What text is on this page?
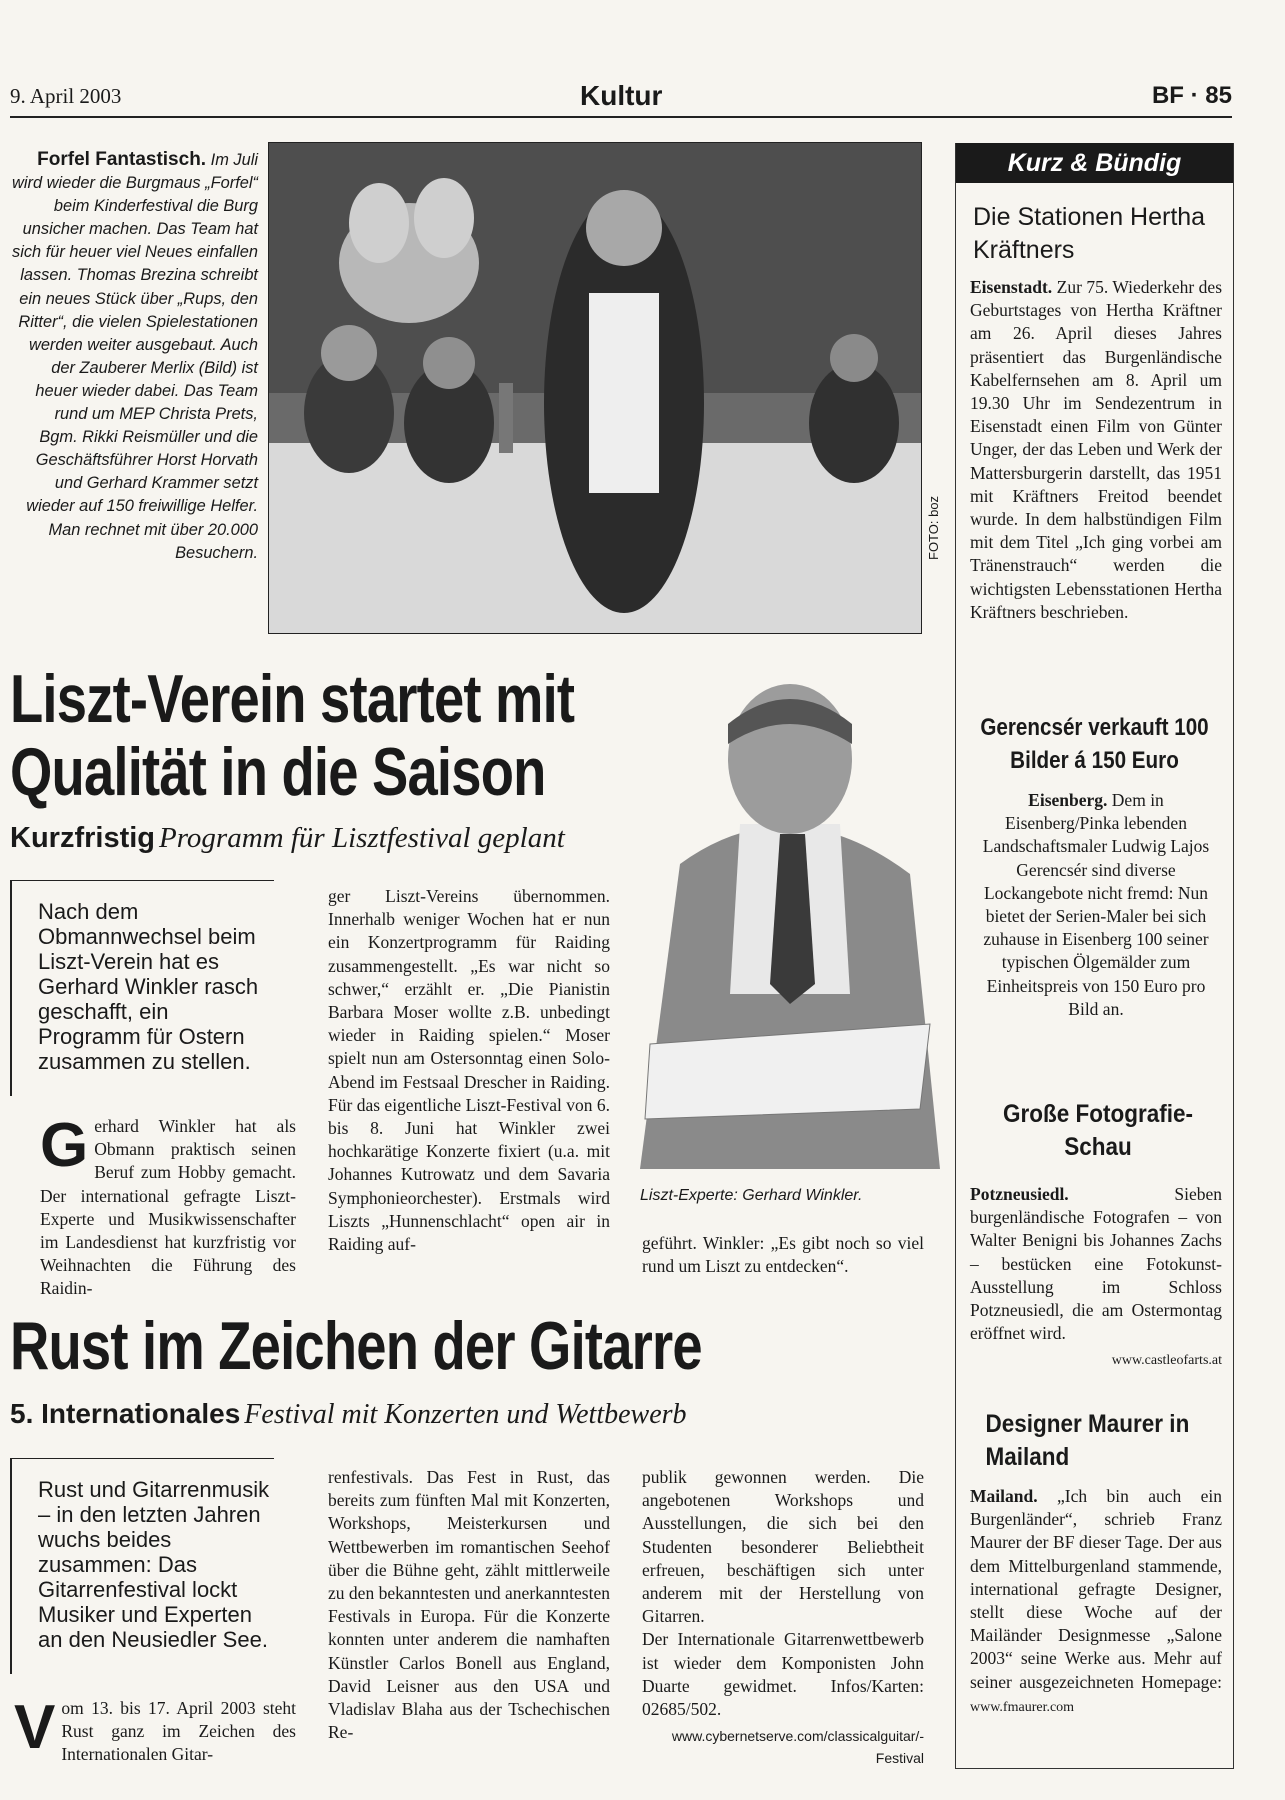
9. April 2003	Kultur	BF · 85
Forfel Fantastisch. Im Juli wird wieder die Burgmaus „Forfel“ beim Kinderfestival die Burg unsicher machen. Das Team hat sich für heuer viel Neues einfallen lassen. Thomas Brezina schreibt ein neues Stück über „Rups, den Ritter“, die vielen Spielestationen werden weiter ausgebaut. Auch der Zauberer Merlix (Bild) ist heuer wieder dabei. Das Team rund um MEP Christa Prets, Bgm. Rikki Reismüller und die Geschäftsführer Horst Horvath und Gerhard Krammer setzt wieder auf 150 freiwillige Helfer. Man rechnet mit über 20.000 Besuchern.	FOTO: boz
Liszt-Verein startet mit
Qualität in die Saison
Kurzfristig Programm für Lisztfestival geplant
Nach dem Obmannwechsel beim Liszt-Verein hat es Gerhard Winkler rasch geschafft, ein Programm für Ostern zusammen zu stellen.
G erhard Winkler hat als Obmann praktisch seinen Beruf zum Hobby gemacht. Der international gefragte Liszt-Experte und Musikwissenschafter im Landesdienst hat kurzfristig vor Weihnachten die Führung des Raidin-
ger Liszt-Vereins übernommen. Innerhalb weniger Wochen hat er nun ein Konzertprogramm für Raiding zusammengestellt. „Es war nicht so schwer,“ erzählt er. „Die Pianistin Barbara Moser wollte z.B. unbedingt wieder in Raiding spielen.“ Moser spielt nun am Ostersonntag einen Solo-Abend im Festsaal Drescher in Raiding. Für das eigentliche Liszt-Festival von 6. bis 8. Juni hat Winkler zwei hochkarätige Konzerte fixiert (u.a. mit Johannes Kutrowatz und dem Savaria Symphonieorchester). Erstmals wird Liszts „Hunnenschlacht“ open air in Raiding auf-	geführt. Winkler: „Es gibt noch so viel rund um Liszt zu entdecken“.
Liszt-Experte: Gerhard Winkler.
Rust im Zeichen der Gitarre
5. Internationales Festival mit Konzerten und Wettbewerb
Rust und Gitarrenmusik – in den letzten Jahren wuchs beides zusammen: Das Gitarrenfestival lockt Musiker und Experten an den Neusiedler See.
V om 13. bis 17. April 2003 steht Rust ganz im Zeichen des Internationalen Gitar-
renfestivals. Das Fest in Rust, das bereits zum fünften Mal mit Konzerten, Workshops, Meisterkursen und Wettbewerben im romantischen Seehof über die Bühne geht, zählt mittlerweile zu den bekanntesten und anerkanntesten Festivals in Europa. Für die Konzerte konnten unter anderem die namhaften Künstler Carlos Bonell aus England, David Leisner aus den USA und Vladislav Blaha aus der Tschechischen Re-

publik gewonnen werden. Die angebotenen Workshops und Ausstellungen, die sich bei den Studenten besonderer Beliebtheit erfreuen, beschäftigen sich unter anderem mit der Herstellung von Gitarren.

Der Internationale Gitarrenwettbewerb ist wieder dem Komponisten John Duarte gewidmet. Infos/Karten: 02685/502.

www.cybernetserve.com/classicalguitar/-
Festival
Kurz & Bündig
Die Stationen Hertha Kräftners
Eisenstadt. Zur 75. Wiederkehr des Geburtstages von Hertha Kräftner am 26. April dieses Jahres präsentiert das Burgenländische Kabelfernsehen am 8. April um 19.30 Uhr im Sendezentrum in Eisenstadt einen Film von Günter Unger, der das Leben und Werk der Mattersburgerin darstellt, das 1951 mit Kräftners Freitod beendet wurde. In dem halbstündigen Film mit dem Titel „Ich ging vorbei am Tränenstrauch“ werden die wichtigsten Lebensstationen Hertha Kräftners beschrieben.
Gerencsér verkauft 100 Bilder á 150 Euro
Eisenberg. Dem in Eisenberg/Pinka lebenden Landschaftsmaler Ludwig Lajos Gerencsér sind diverse Lockangebote nicht fremd: Nun bietet der Serien-Maler bei sich zuhause in Eisenberg 100 seiner typischen Ölgemälder zum Einheitspreis von 150 Euro pro Bild an.
Große Fotografie-Schau
Potzneusiedl.	Sieben burgenländische Fotografen – von Walter Benigni bis Johannes Zachs – bestücken eine Fotokunst-Ausstellung im Schloss Potzneusiedl, die am Ostermontag eröffnet wird.
www.castleofarts.at
Designer Maurer in Mailand
Mailand. „Ich bin auch ein Burgenländer“, schrieb Franz Maurer der BF dieser Tage. Der aus dem Mittelburgenland stammende, international gefragte Designer, stellt diese Woche auf der Mailänder Designmesse „Salone 2003“ seine Werke aus. Mehr auf seiner ausgezeichneten Homepage: www.fmaurer.com
